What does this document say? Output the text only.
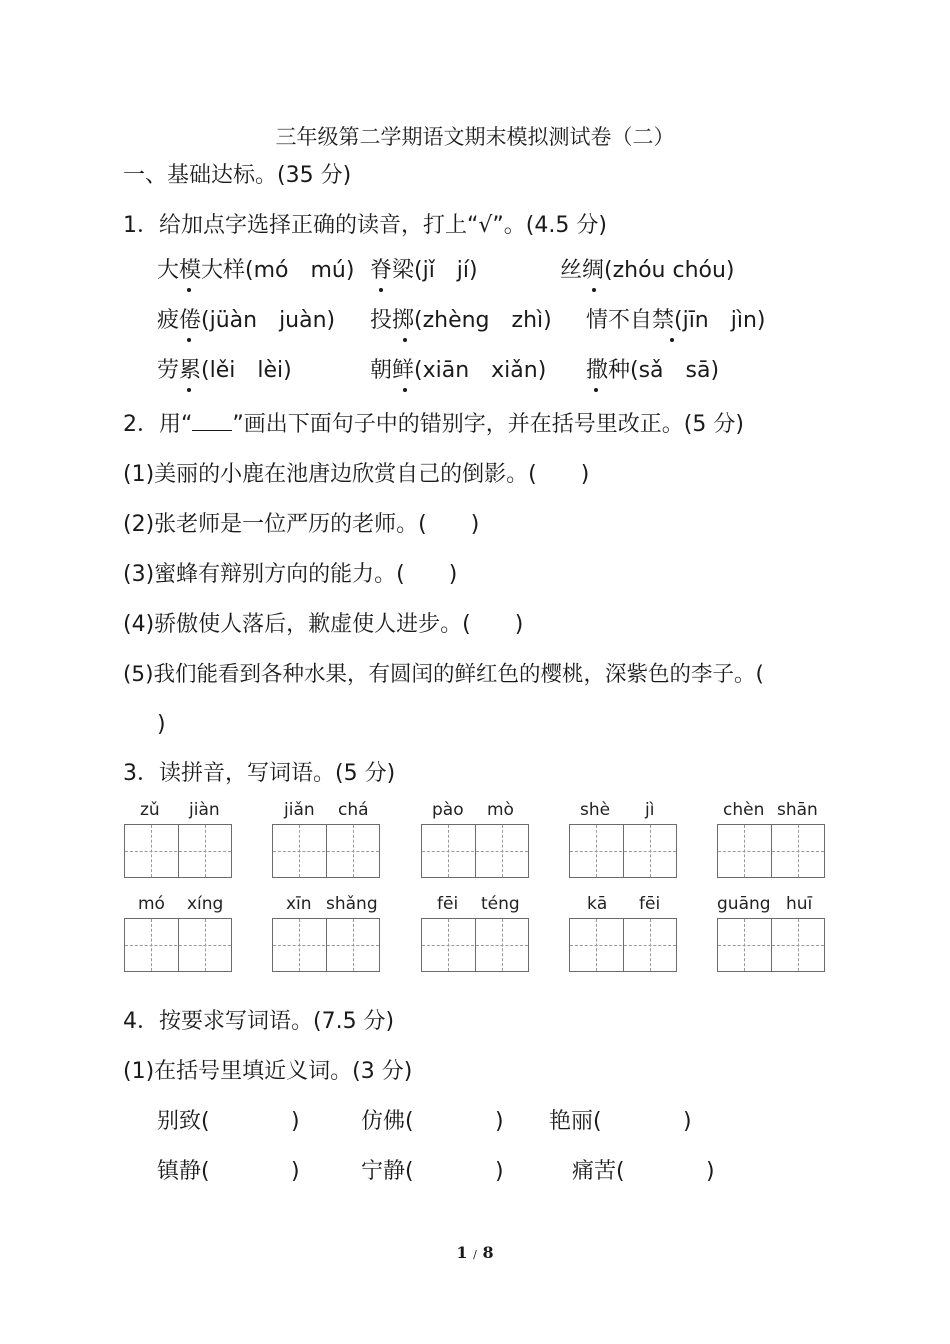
三年级第二学期语文期末模拟测试卷（二）
一、基础达标。(35 分)
1．给加点字选择正确的读音，打上“√”。(4.5 分)
大模大样(mó　mú) 脊梁(jǐ　jí)	丝绸(zhóu chóu)
疲倦(jüàn　juàn) 投掷(zhèng　zhì) 情不自禁(jīn　jìn)
劳累(lěi　lèi)	朝鲜(xiān　xiǎn) 撒种(sǎ　sā)
2．用“ ”画出下面句子中的错别字，并在括号里改正。(5 分)
(1)美丽的小鹿在池唐边欣赏自己的倒影。(　　)
(2)张老师是一位严历的老师。(　　)
(3)蜜蜂有辩别方向的能力。(　　)
(4)骄傲使人落后，歉虚使人进步。(　　)
(5)我们能看到各种水果，有圆闰的鲜红色的樱桃，深紫色的李子。(
)
3．读拼音，写词语。(5 分)
zǔ jiàn	jiǎn chá	pào mò	shè jì	chèn shān
mó xíng	xīn shǎng	fēi téng	kā fēi	guāng huī
4．按要求写词语。(7.5 分)
(1)在括号里填近义词。(3 分)
别致(	)	仿佛(	) 艳丽(	)
镇静(	)	宁静(	)	痛苦(	)
1 / 8
